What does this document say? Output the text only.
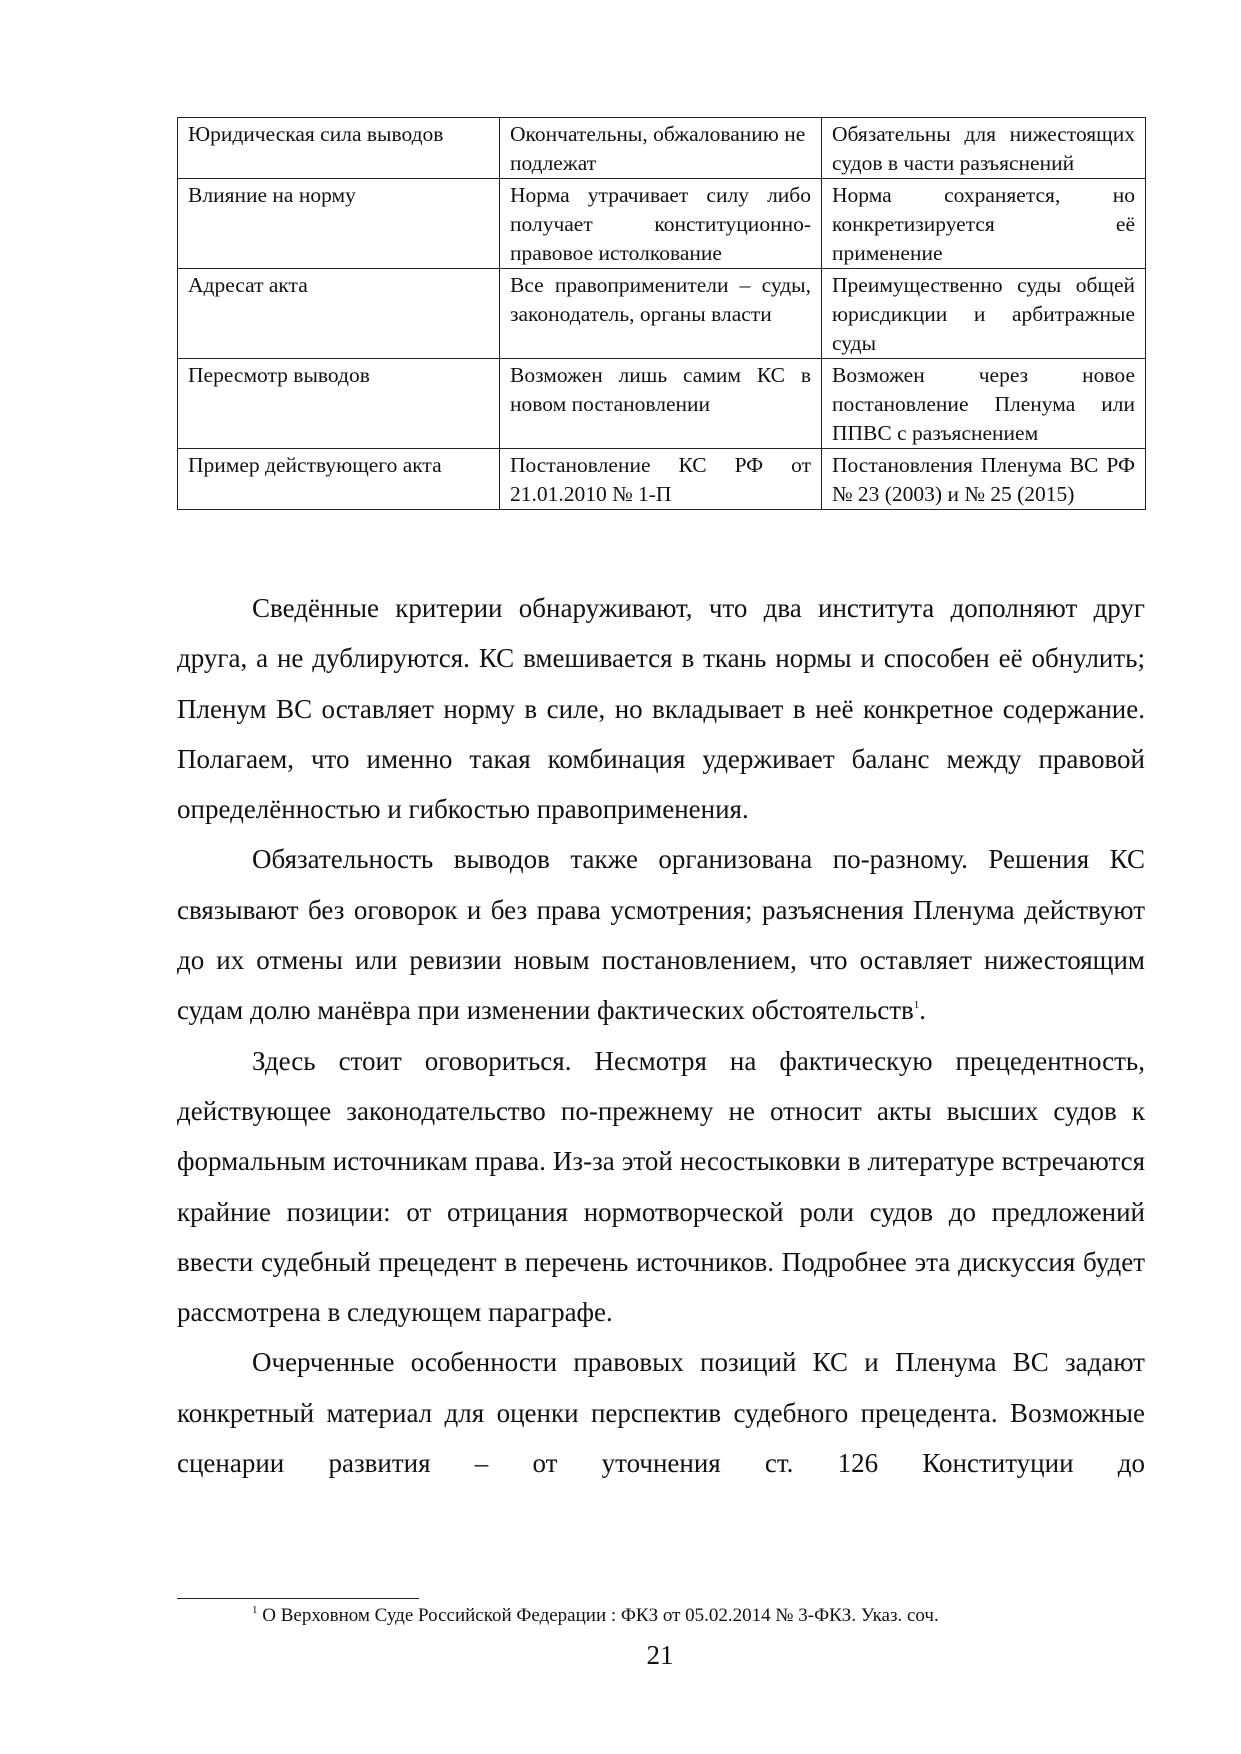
Юридическая сила выводов	Окончательны, обжалованию не подлежат	Обязательны для нижестоящих судов в части разъяснений
Влияние на норму	Норма утрачивает силу либо получает конституционно-правовое истолкование	Норма сохраняется, но конкретизируется её применение
Адресат акта	Все правоприменители – суды, законодатель, органы власти	Преимущественно суды общей юрисдикции и арбитражные суды
Пересмотр выводов	Возможен лишь самим КС в новом постановлении	Возможен через новое постановление Пленума или ППВС с разъяснением
Пример действующего акта	Постановление КС РФ от 21.01.2010 № 1-П	Постановления Пленума ВС РФ № 23 (2003) и № 25 (2015)

Сведённые критерии обнаруживают, что два института дополняют друг друга, а не дублируются. КС вмешивается в ткань нормы и способен её обнулить; Пленум ВС оставляет норму в силе, но вкладывает в неё конкретное содержание. Полагаем, что именно такая комбинация удерживает баланс между правовой определённостью и гибкостью правоприменения.

Обязательность выводов также организована по-разному. Решения КС связывают без оговорок и без права усмотрения; разъяснения Пленума действуют до их отмены или ревизии новым постановлением, что оставляет нижестоящим судам долю манёвра при изменении фактических обстоятельств$^1$.

Здесь стоит оговориться. Несмотря на фактическую прецедентность, действующее законодательство по-прежнему не относит акты высших судов к формальным источникам права. Из-за этой несостыковки в литературе встречаются крайние позиции: от отрицания нормотворческой роли судов до предложений ввести судебный прецедент в перечень источников. Подробнее эта дискуссия будет рассмотрена в следующем параграфе.

Очерченные особенности правовых позиций КС и Пленума ВС задают конкретный материал для оценки перспектив судебного прецедента. Возможные сценарии развития – от уточнения ст. 126 Конституции до

$^1$ О Верховном Суде Российской Федерации : ФКЗ от 05.02.2014 № 3-ФКЗ. Указ. соч.
21
